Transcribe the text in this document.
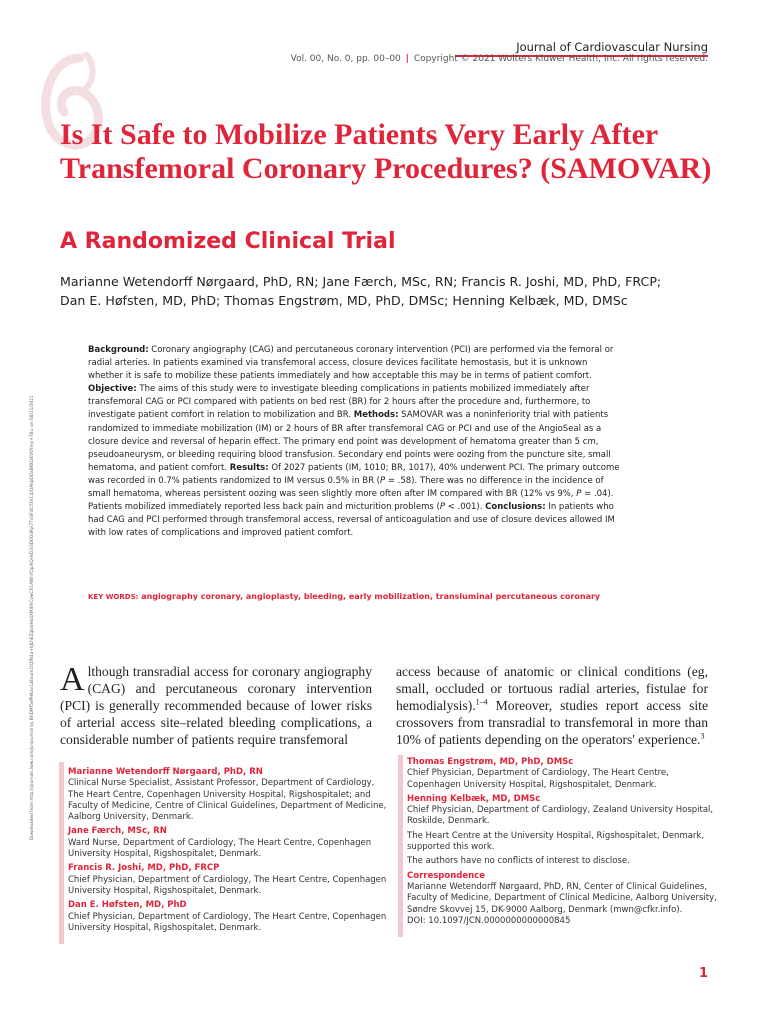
Journal of Cardiovascular Nursing
Vol. 00, No. 0, pp. 00–00 | Copyright © 2021 Wolters Kluwer Health, Inc. All rights reserved.
Is It Safe to Mobilize Patients Very Early After Transfemoral Coronary Procedures? (SAMOVAR)
A Randomized Clinical Trial
Marianne Wetendorff Nørgaard, PhD, RN; Jane Færch, MSc, RN; Francis R. Joshi, MD, PhD, FRCP;
Dan E. Høfsten, MD, PhD; Thomas Engstrøm, MD, PhD, DMSc; Henning Kelbæk, MD, DMSc
Downloaded from http://journals.lww.com/jcnjournal by BhDMf5ePHKav1zEoum1tQfN4a+kJLhEZgbsIHo4XMi0hCywCX1AWnYQp/IlQrHD3i3D0OdRyi7TvSFl4Cf3VC4/OAVpDDa8KKGKV0Ymy+78= on 08/11/2021

Background: Coronary angiography (CAG) and percutaneous coronary intervention (PCI) are performed via the femoral or radial arteries. In patients examined via transfemoral access, closure devices facilitate hemostasis, but it is unknown whether it is safe to mobilize these patients immediately and how acceptable this may be in terms of patient comfort. Objective: The aims of this study were to investigate bleeding complications in patients mobilized immediately after transfemoral CAG or PCI compared with patients on bed rest (BR) for 2 hours after the procedure and, furthermore, to investigate patient comfort in relation to mobilization and BR. Methods: SAMOVAR was a noninferiority trial with patients randomized to immediate mobilization (IM) or 2 hours of BR after transfemoral CAG or PCI and use of the AngioSeal as a closure device and reversal of heparin effect. The primary end point was development of hematoma greater than 5 cm, pseudoaneurysm, or bleeding requiring blood transfusion. Secondary end points were oozing from the puncture site, small hematoma, and patient comfort. Results: Of 2027 patients (IM, 1010; BR, 1017), 40% underwent PCI. The primary outcome was recorded in 0.7% patients randomized to IM versus 0.5% in BR (P = .58). There was no difference in the incidence of small hematoma, whereas persistent oozing was seen slightly more often after IM compared with BR (12% vs 9%, P = .04). Patients mobilized immediately reported less back pain and micturition problems (P < .001). Conclusions: In patients who had CAG and PCI performed through transfemoral access, reversal of anticoagulation and use of closure devices allowed IM with low rates of complications and improved patient comfort.

KEY WORDS: angiography coronary, angioplasty, bleeding, early mobilization, transluminal percutaneous coronary
Although transradial access for coronary angiography (CAG) and percutaneous coronary intervention (PCI) is generally recommended because of lower risks of arterial access site–related bleeding complications, a considerable number of patients require transfemoral
access because of anatomic or clinical conditions (eg, small, occluded or tortuous radial arteries, fistulae for hemodialysis).$^{1-4}$ Moreover, studies report access site crossovers from transradial to transfemoral in more than 10% of patients depending on the operators' experience.$^3$
Marianne Wetendorff Nørgaard, PhD, RN
Clinical Nurse Specialist, Assistant Professor, Department of Cardiology, The Heart Centre, Copenhagen University Hospital, Rigshospitalet; and Faculty of Medicine, Centre of Clinical Guidelines, Department of Medicine, Aalborg University, Denmark.
Jane Færch, MSc, RN
Ward Nurse, Department of Cardiology, The Heart Centre, Copenhagen University Hospital, Rigshospitalet, Denmark.
Francis R. Joshi, MD, PhD, FRCP
Chief Physician, Department of Cardiology, The Heart Centre, Copenhagen University Hospital, Rigshospitalet, Denmark.
Dan E. Høfsten, MD, PhD
Chief Physician, Department of Cardiology, The Heart Centre, Copenhagen University Hospital, Rigshospitalet, Denmark.
Thomas Engstrøm, MD, PhD, DMSc
Chief Physician, Department of Cardiology, The Heart Centre, Copenhagen University Hospital, Rigshospitalet, Denmark.
Henning Kelbæk, MD, DMSc
Chief Physician, Department of Cardiology, Zealand University Hospital, Roskilde, Denmark.
The Heart Centre at the University Hospital, Rigshospitalet, Denmark, supported this work.
The authors have no conflicts of interest to disclose.
Correspondence
Marianne Wetendorff Nørgaard, PhD, RN, Center of Clinical Guidelines, Faculty of Medicine, Department of Clinical Medicine, Aalborg University, Søndre Skovvej 15, DK-9000 Aalborg, Denmark (mwn@cfkr.info).
DOI: 10.1097/JCN.0000000000000845
1
